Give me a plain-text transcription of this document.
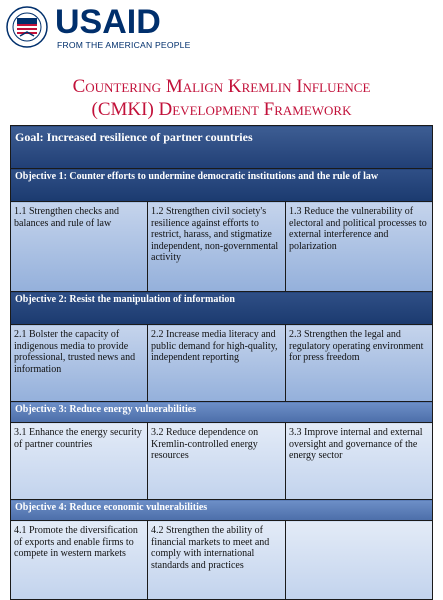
USAID
FROM THE AMERICAN PEOPLE
Countering Malign Kremlin Influence
(CMKI) Development Framework
Goal: Increased resilience of partner countries		
Objective 1: Counter efforts to undermine democratic institutions and the rule of law		
1.1 Strengthen checks and balances and rule of law	1.2 Strengthen civil society's resilience against efforts to restrict, harass, and stigmatize independent, non-governmental activity	1.3 Reduce the vulnerability of electoral and political processes to external interference and polarization
Objective 2: Resist the manipulation of information		
2.1 Bolster the capacity of indigenous media to provide professional, trusted news and information	2.2 Increase media literacy and public demand for high-quality, independent reporting	2.3 Strengthen the legal and regulatory operating environment for press freedom
Objective 3: Reduce energy vulnerabilities		
3.1 Enhance the energy security of partner countries	3.2 Reduce dependence on Kremlin-controlled energy resources	3.3 Improve internal and external oversight and governance of the energy sector
Objective 4: Reduce economic vulnerabilities		
4.1 Promote the diversification of exports and enable firms to compete in western markets	4.2 Strengthen the ability of financial markets to meet and comply with international standards and practices	
